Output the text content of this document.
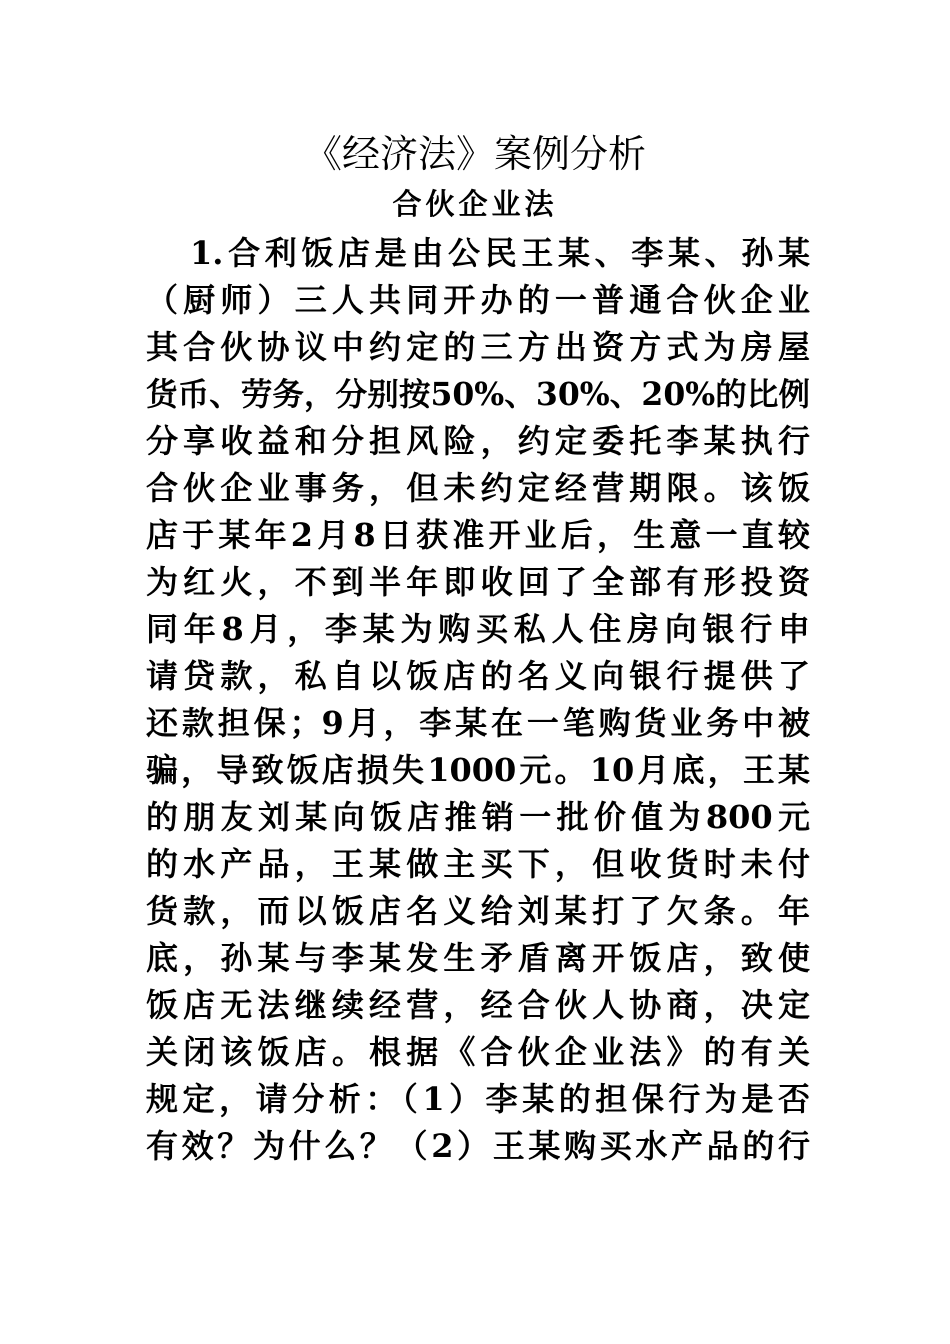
《经济法》案例分析
合伙企业法
1.合利饭店是由公民王某、李某、孙某
（厨师）三人共同开办的一普通合伙企业
其合伙协议中约定的三方出资方式为房屋
货币、劳务，分别按50%、30%、20%的比例
分享收益和分担风险，约定委托李某执行
合伙企业事务，但未约定经营期限。该饭
店于某年2月8日获准开业后，生意一直较
为红火，不到半年即收回了全部有形投资
同年8月，李某为购买私人住房向银行申
请贷款，私自以饭店的名义向银行提供了
还款担保；9月，李某在一笔购货业务中被
骗，导致饭店损失1000元。10月底，王某
的朋友刘某向饭店推销一批价值为800元
的水产品，王某做主买下，但收货时未付
货款，而以饭店名义给刘某打了欠条。年
底，孙某与李某发生矛盾离开饭店，致使
饭店无法继续经营，经合伙人协商，决定
关闭该饭店。根据《合伙企业法》的有关
规定，请分析：（1）李某的担保行为是否
有效？为什么？（2）王某购买水产品的行
